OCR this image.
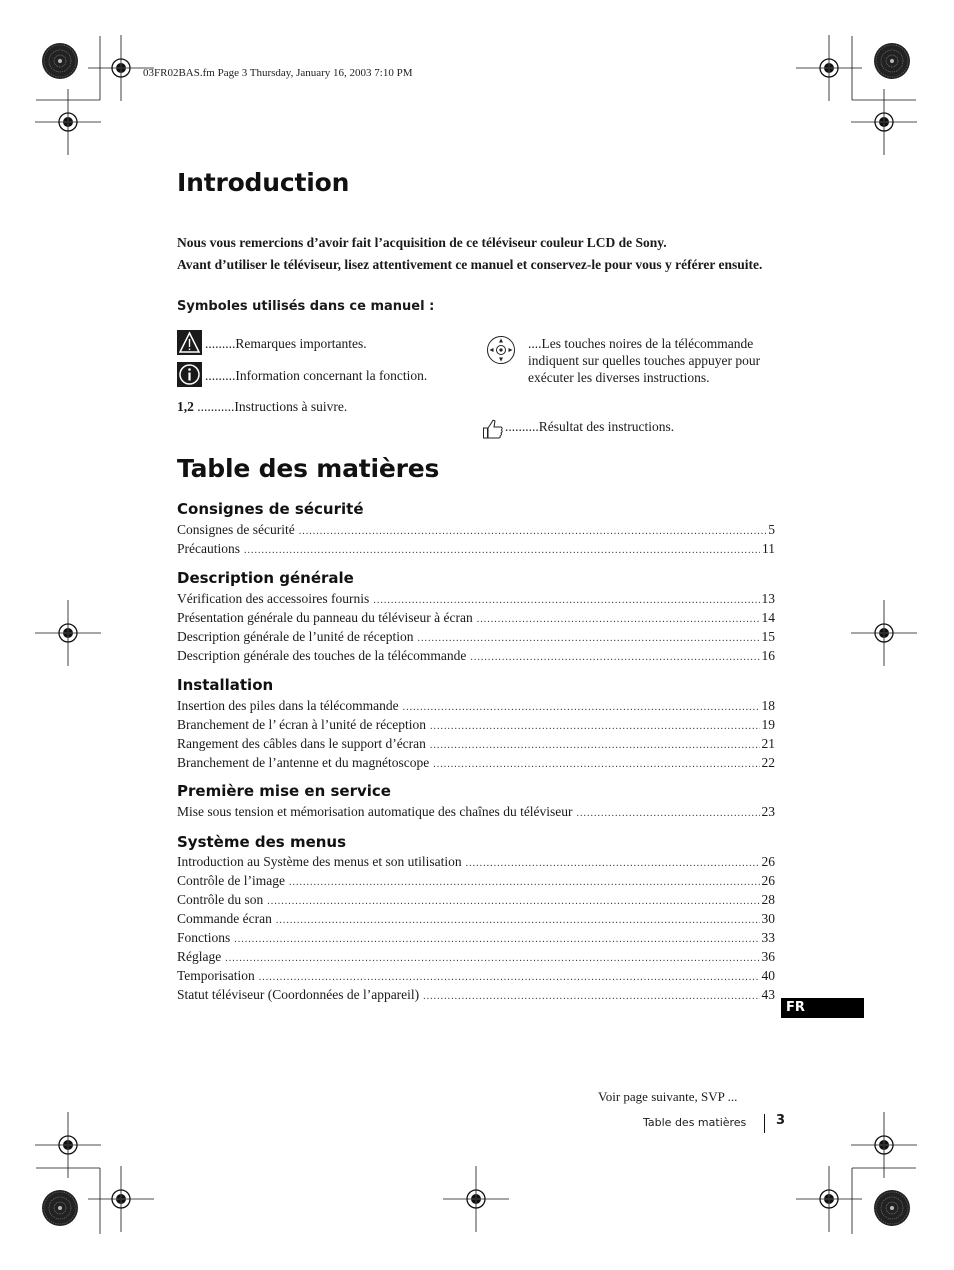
03FR02BAS.fm Page 3 Thursday, January 16, 2003 7:10 PM
Introduction

Nous vous remercions d’avoir fait l’acquisition de ce téléviseur couleur LCD de Sony.

Avant d’utiliser le téléviseur, lisez attentivement ce manuel et conservez-le pour vous y référer ensuite.

Symboles utilisés dans ce manuel :

.........Remarques importantes.
.........Information concernant la fonction.
1,2 ...........Instructions à suivre.
....Les touches noires de la télécommande indiquent sur quelles touches appuyer pour exécuter les diverses instructions.
..........Résultat des instructions.
Table des matières
Consignes de sécurité
Consignes de sécurité .....	5
Précautions .....	11
Description générale
Vérification des accessoires fournis .....	13
Présentation générale du panneau du téléviseur à écran .....	14
Description générale de l’unité de réception .....	15
Description générale des touches de la télécommande .....	16
Installation
Insertion des piles dans la télécommande .....	18
Branchement de l’ écran à l’unité de réception .....	19
Rangement des câbles dans le support d’écran .....	21
Branchement de l’antenne et du magnétoscope .....	22
Première mise en service
Mise sous tension et mémorisation automatique des chaînes du téléviseur .....	23
Système des menus
Introduction au Système des menus et son utilisation .....	26
Contrôle de l’image .....	26
Contrôle du son .....	28
Commande écran .....	30
Fonctions .....	33
Réglage .....	36
Temporisation .....	40
Statut téléviseur (Coordonnées de l’appareil) .....	43
FR
Voir page suivante, SVP ...
Table des matières 3
